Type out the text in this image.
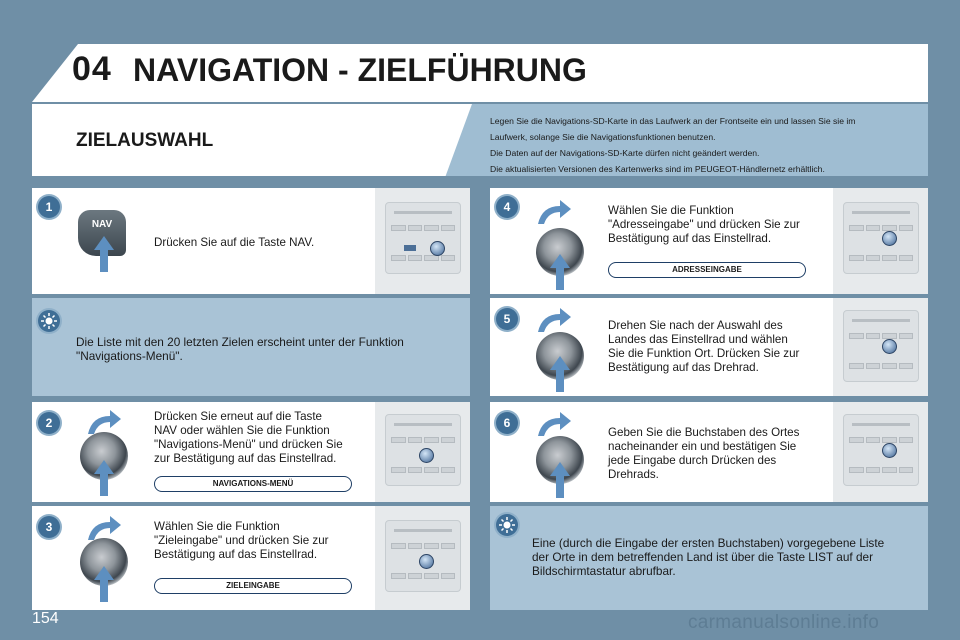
04 NAVIGATION - ZIELFÜHRUNG
ZIELAUSWAHL
Legen Sie die Navigations-SD-Karte in das Laufwerk an der Frontseite ein und lassen Sie sie im
Laufwerk, solange Sie die Navigationsfunktionen benutzen.
Die Daten auf der Navigations-SD-Karte dürfen nicht geändert werden.
Die aktualisierten Versionen des Kartenwerks sind im PEUGEOT-Händlernetz erhältlich.
NAV
Drücken Sie auf die Taste NAV.
1
Die Liste mit den 20 letzten Zielen erscheint unter der Funktion
"Navigations-Menü".
Drücken Sie erneut auf die Taste
NAV oder wählen Sie die Funktion
"Navigations-Menü" und drücken Sie
zur Bestätigung auf das Einstellrad.
NAVIGATIONS-MENÜ
2
Wählen Sie die Funktion
"Zieleingabe" und drücken Sie zur
Bestätigung auf das Einstellrad.
ZIELEINGABE
3
Wählen Sie die Funktion
"Adresseingabe" und drücken Sie zur
Bestätigung auf das Einstellrad.
ADRESSEINGABE
4
Drehen Sie nach der Auswahl des
Landes das Einstellrad und wählen
Sie die Funktion Ort. Drücken Sie zur
Bestätigung auf das Drehrad.
5
Geben Sie die Buchstaben des Ortes
nacheinander ein und bestätigen Sie
jede Eingabe durch Drücken des
Drehrads.
6
Eine (durch die Eingabe der ersten Buchstaben) vorgegebene Liste
der Orte in dem betreffenden Land ist über die Taste LIST auf der
Bildschirmtastatur abrufbar.
154	carmanualsonline.info
